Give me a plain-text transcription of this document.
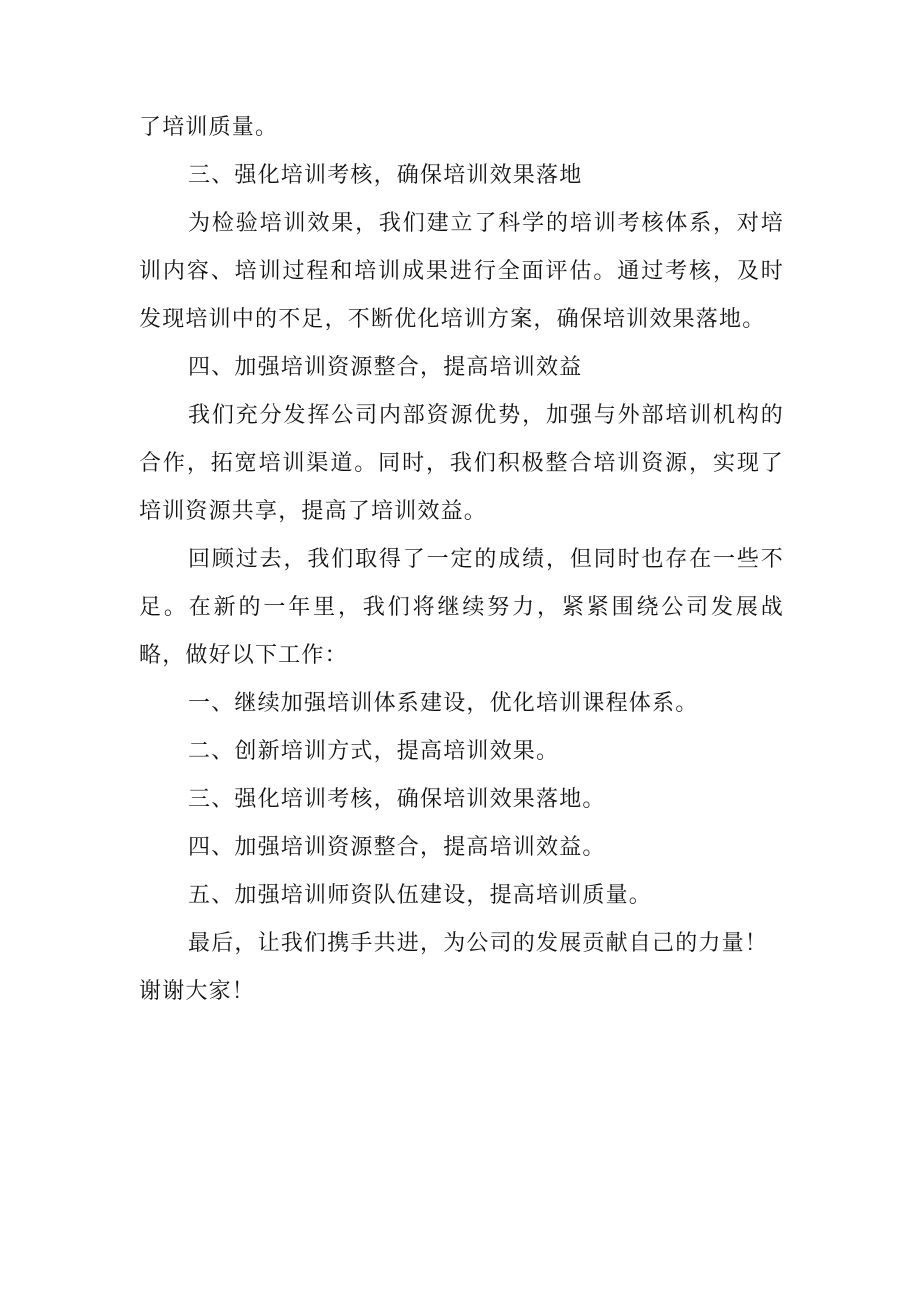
了培训质量。

三、强化培训考核，确保培训效果落地

为检验培训效果，我们建立了科学的培训考核体系，对培训内容、培训过程和培训成果进行全面评估。通过考核，及时发现培训中的不足，不断优化培训方案，确保培训效果落地。

四、加强培训资源整合，提高培训效益

我们充分发挥公司内部资源优势，加强与外部培训机构的合作，拓宽培训渠道。同时，我们积极整合培训资源，实现了培训资源共享，提高了培训效益。

回顾过去，我们取得了一定的成绩，但同时也存在一些不足。在新的一年里，我们将继续努力，紧紧围绕公司发展战略，做好以下工作：

一、继续加强培训体系建设，优化培训课程体系。

二、创新培训方式，提高培训效果。

三、强化培训考核，确保培训效果落地。

四、加强培训资源整合，提高培训效益。

五、加强培训师资队伍建设，提高培训质量。

最后，让我们携手共进，为公司的发展贡献自己的力量！

谢谢大家！
